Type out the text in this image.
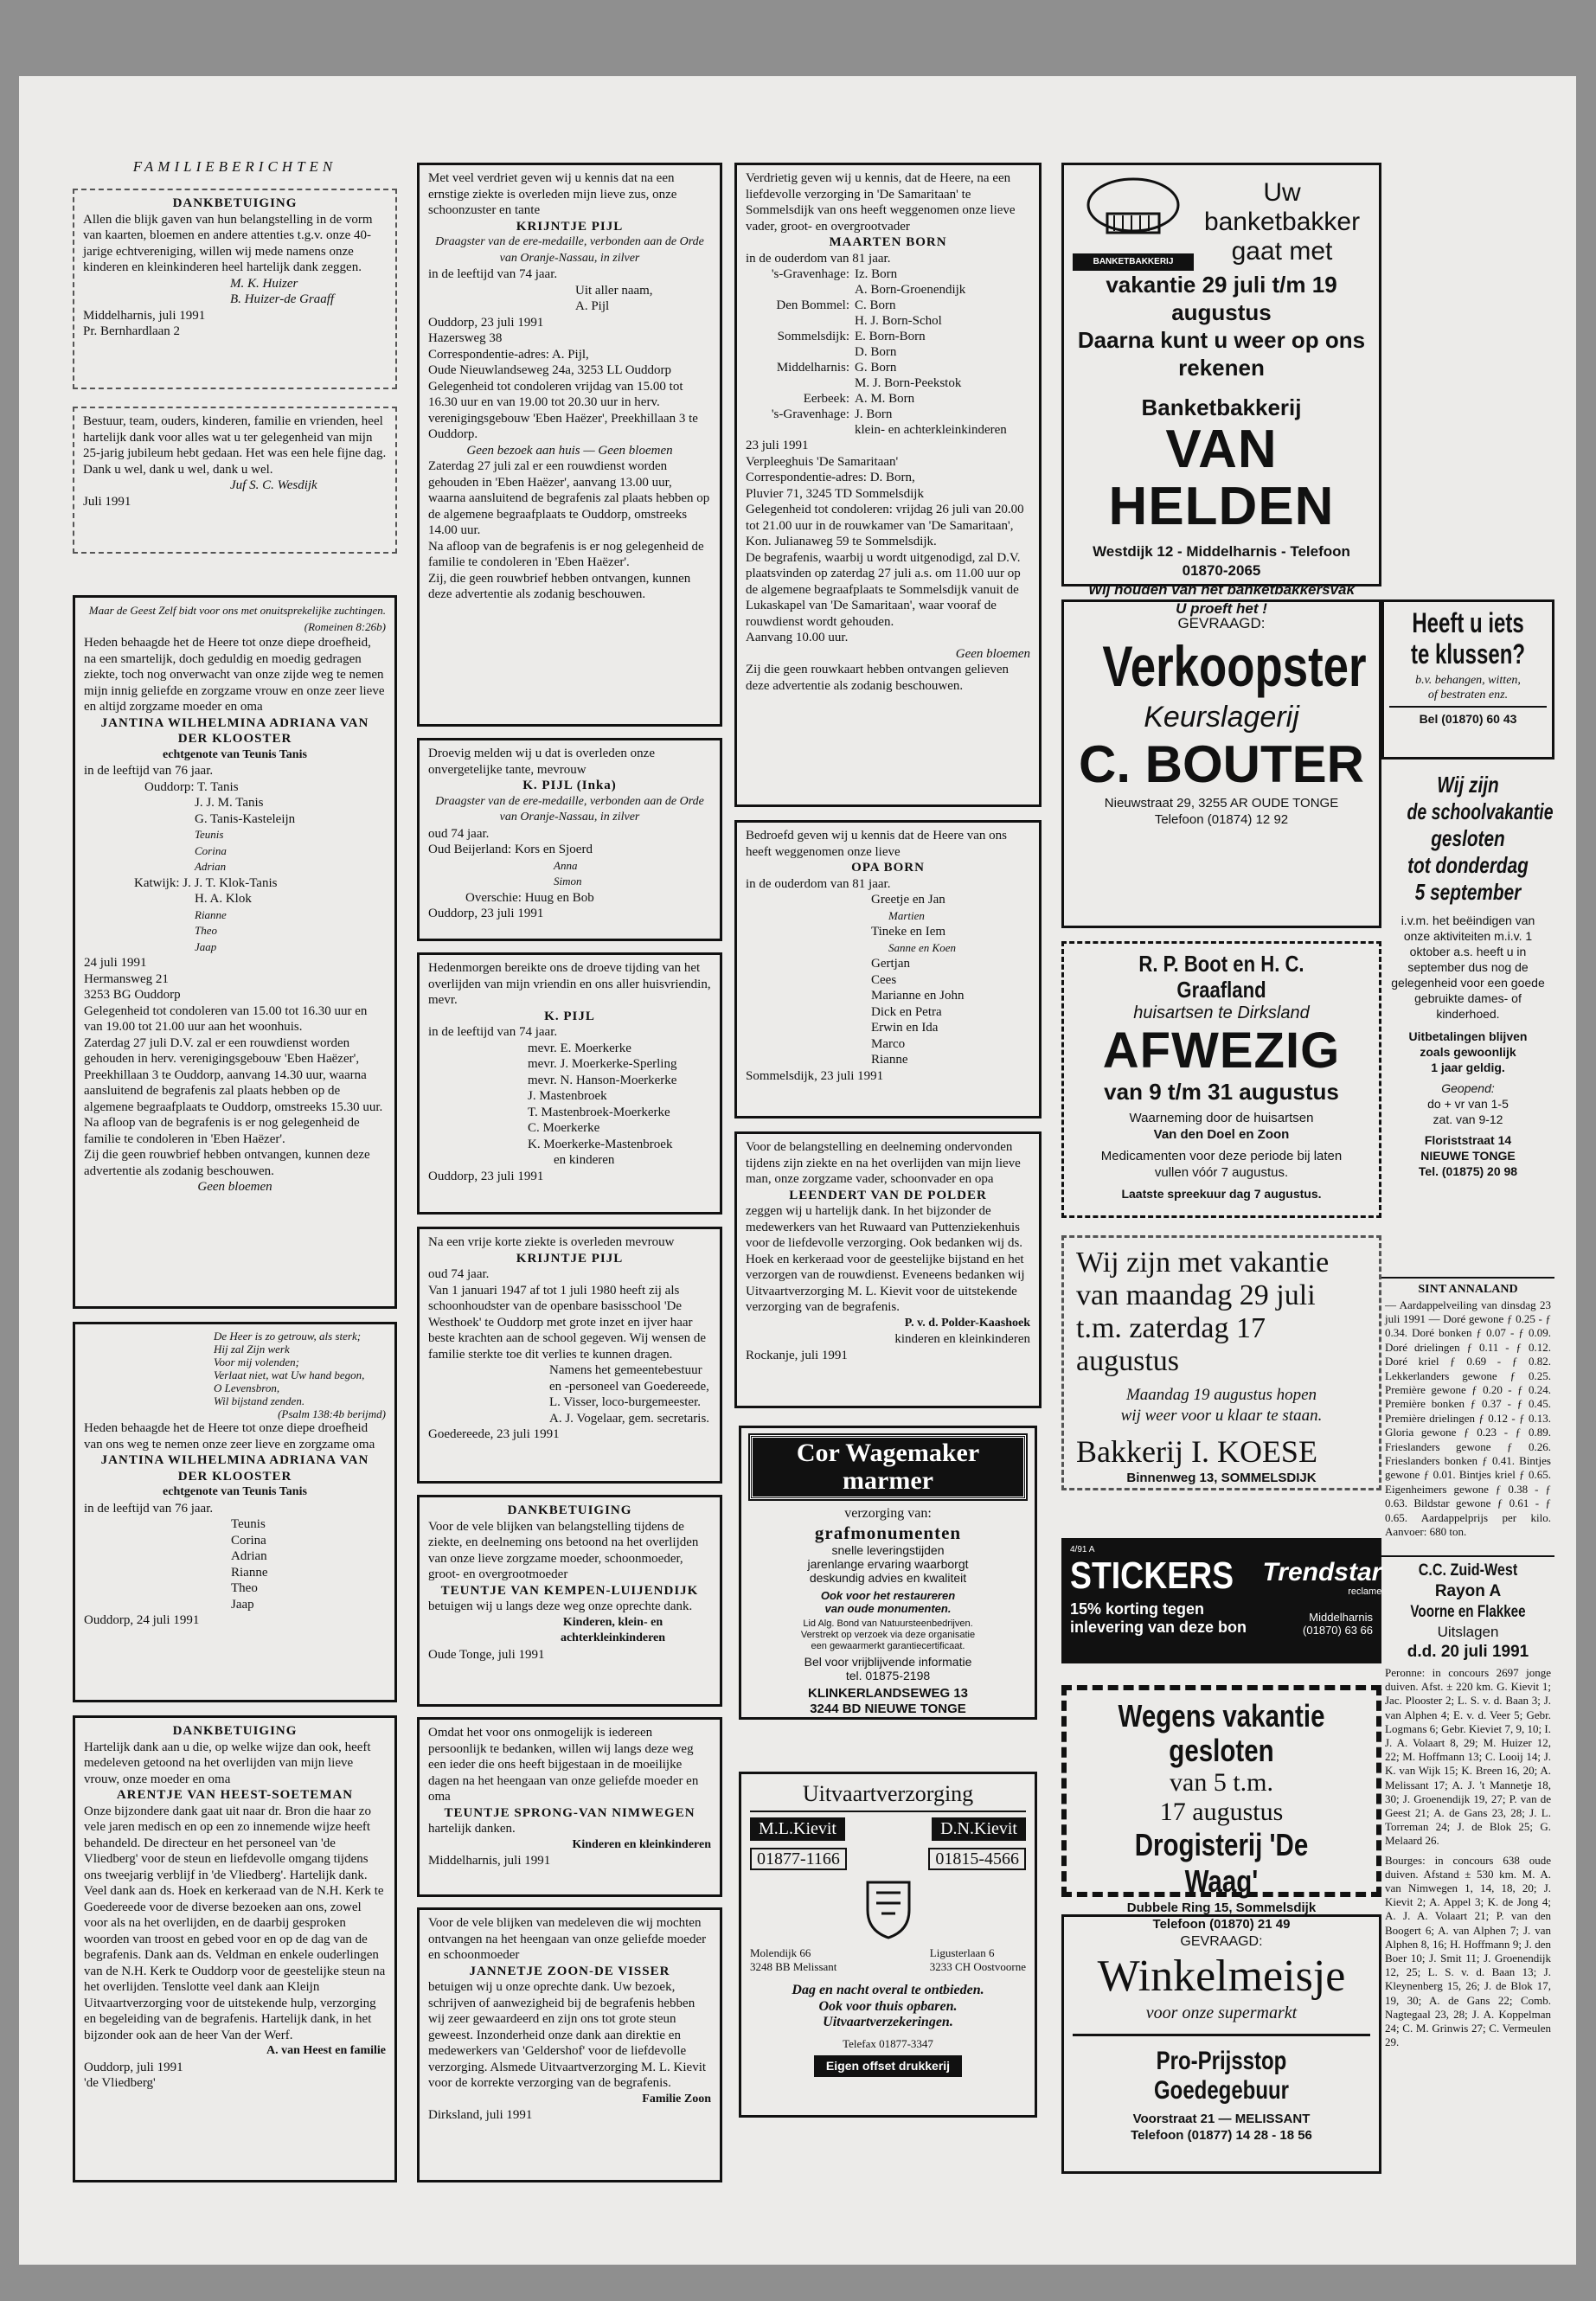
FAMILIEBERICHTEN

DANKBETUIGING

Allen die blijk gaven van hun belangstelling in de vorm van kaarten, bloemen en andere attenties t.g.v. onze 40-jarige echtvereniging, willen wij mede namens onze kinderen en kleinkinderen heel hartelijk dank zeggen.

M. K. Huizer

B. Huizer-de Graaff

Middelharnis, juli 1991

Pr. Bernhardlaan 2

Bestuur, team, ouders, kinderen, familie en vrienden, heel hartelijk dank voor alles wat u ter gelegenheid van mijn 25-jarig jubileum hebt gedaan. Het was een hele fijne dag.

Dank u wel, dank u wel, dank u wel.

Juf S. C. Wesdijk

Juli 1991

Maar de Geest Zelf bidt voor ons met onuitsprekelijke zuchtingen.

(Romeinen 8:26b)

Heden behaagde het de Heere tot onze diepe droefheid, na een smartelijk, doch geduldig en moedig gedragen ziekte, toch nog onverwacht van onze zijde weg te nemen mijn innig geliefde en zorgzame vrouw en onze zeer lieve en altijd zorgzame moeder en oma

JANTINA WILHELMINA ADRIANA VAN DER KLOOSTER

echtgenote van Teunis Tanis

in de leeftijd van 76 jaar.

Ouddorp: T. Tanis

J. J. M. Tanis

G. Tanis-Kasteleijn

Teunis

Corina

Adrian

Katwijk: J. J. T. Klok-Tanis

H. A. Klok

Rianne

Theo

Jaap

24 juli 1991

Hermansweg 21

3253 BG Ouddorp

Gelegenheid tot condoleren van 15.00 tot 16.30 uur en van 19.00 tot 21.00 uur aan het woonhuis.

Zaterdag 27 juli D.V. zal er een rouwdienst worden gehouden in herv. verenigingsgebouw 'Eben Haëzer', Preekhillaan 3 te Ouddorp, aanvang 14.30 uur, waarna aansluitend de begrafenis zal plaats hebben op de algemene begraafplaats te Ouddorp, omstreeks 15.30 uur.

Na afloop van de begrafenis is er nog gelegenheid de familie te condoleren in 'Eben Haëzer'.

Zij die geen rouwbrief hebben ontvangen, kunnen deze advertentie als zodanig beschouwen.

Geen bloemen

De Heer is zo getrouw, als sterk;

Hij zal Zijn werk

Voor mij volenden;

Verlaat niet, wat Uw hand begon,

O Levensbron,

Wil bijstand zenden.

(Psalm 138:4b berijmd)

Heden behaagde het de Heere tot onze diepe droefheid van ons weg te nemen onze zeer lieve en zorgzame oma

JANTINA WILHELMINA ADRIANA VAN DER KLOOSTER

echtgenote van Teunis Tanis

in de leeftijd van 76 jaar.

Teunis

Corina

Adrian

Rianne

Theo

Jaap

Ouddorp, 24 juli 1991

DANKBETUIGING

Hartelijk dank aan u die, op welke wijze dan ook, heeft medeleven getoond na het overlijden van mijn lieve vrouw, onze moeder en oma

ARENTJE VAN HEEST-SOETEMAN

Onze bijzondere dank gaat uit naar dr. Bron die haar zo vele jaren medisch en op een zo innemende wijze heeft behandeld. De directeur en het personeel van 'de Vliedberg' voor de steun en liefdevolle omgang tijdens ons tweejarig verblijf in 'de Vliedberg'. Hartelijk dank. Veel dank aan ds. Hoek en kerkeraad van de N.H. Kerk te Goedereede voor de diverse bezoeken aan ons, zowel voor als na het overlijden, en de daarbij gesproken woorden van troost en gebed voor en op de dag van de begrafenis. Dank aan ds. Veldman en enkele ouderlingen van de N.H. Kerk te Ouddorp voor de geestelijke steun na het overlijden. Tenslotte veel dank aan Kleijn Uitvaartverzorging voor de uitstekende hulp, verzorging en begeleiding van de begrafenis. Hartelijk dank, in het bijzonder ook aan de heer Van der Werf.

A. van Heest en familie

Ouddorp, juli 1991

'de Vliedberg'

Met veel verdriet geven wij u kennis dat na een ernstige ziekte is overleden mijn lieve zus, onze schoonzuster en tante

KRIJNTJE PIJL

Draagster van de ere-medaille, verbonden aan de Orde van Oranje-Nassau, in zilver

in de leeftijd van 74 jaar.

Uit aller naam,

A. Pijl

Ouddorp, 23 juli 1991

Hazersweg 38

Correspondentie-adres: A. Pijl,

Oude Nieuwlandseweg 24a, 3253 LL Ouddorp

Gelegenheid tot condoleren vrijdag van 15.00 tot 16.30 uur en van 19.00 tot 20.30 uur in herv. verenigingsgebouw 'Eben Haëzer', Preekhillaan 3 te Ouddorp.

Geen bezoek aan huis — Geen bloemen

Zaterdag 27 juli zal er een rouwdienst worden gehouden in 'Eben Haëzer', aanvang 13.00 uur, waarna aansluitend de begrafenis zal plaats hebben op de algemene begraafplaats te Ouddorp, omstreeks 14.00 uur.

Na afloop van de begrafenis is er nog gelegenheid de familie te condoleren in 'Eben Haëzer'.

Zij, die geen rouwbrief hebben ontvangen, kunnen deze advertentie als zodanig beschouwen.

Droevig melden wij u dat is overleden onze onvergetelijke tante, mevrouw

K. PIJL (Inka)

Draagster van de ere-medaille, verbonden aan de Orde van Oranje-Nassau, in zilver

oud 74 jaar.

Oud Beijerland: Kors en Sjoerd

Anna

Simon

Overschie: Huug en Bob

Ouddorp, 23 juli 1991

Hedenmorgen bereikte ons de droeve tijding van het overlijden van mijn vriendin en ons aller huisvriendin, mevr.

K. PIJL

in de leeftijd van 74 jaar.

mevr. E. Moerkerke

mevr. J. Moerkerke-Sperling

mevr. N. Hanson-Moerkerke

J. Mastenbroek

T. Mastenbroek-Moerkerke

C. Moerkerke

K. Moerkerke-Mastenbroek

en kinderen

Ouddorp, 23 juli 1991

Na een vrije korte ziekte is overleden mevrouw

KRIJNTJE PIJL

oud 74 jaar.

Van 1 januari 1947 af tot 1 juli 1980 heeft zij als schoonhoudster van de openbare basisschool 'De Westhoek' te Ouddorp met grote inzet en ijver haar beste krachten aan de school gegeven. Wij wensen de familie sterkte toe dit verlies te kunnen dragen.

Namens het gemeentebestuur

en -personeel van Goedereede,

L. Visser, loco-burgemeester.

A. J. Vogelaar, gem. secretaris.

Goedereede, 23 juli 1991

DANKBETUIGING

Voor de vele blijken van belangstelling tijdens de ziekte, en deelneming ons betoond na het overlijden van onze lieve zorgzame moeder, schoonmoeder, groot- en overgrootmoeder

TEUNTJE VAN KEMPEN-LUIJENDIJK

betuigen wij u langs deze weg onze oprechte dank.

Kinderen, klein- en

achterkleinkinderen

Oude Tonge, juli 1991

Omdat het voor ons onmogelijk is iedereen persoonlijk te bedanken, willen wij langs deze weg een ieder die ons heeft bijgestaan in de moeilijke dagen na het heengaan van onze geliefde moeder en oma

TEUNTJE SPRONG-VAN NIMWEGEN

hartelijk danken.

Kinderen en kleinkinderen

Middelharnis, juli 1991

Voor de vele blijken van medeleven die wij mochten ontvangen na het heengaan van onze geliefde moeder en schoonmoeder

JANNETJE ZOON-DE VISSER

betuigen wij u onze oprechte dank. Uw bezoek, schrijven of aanwezigheid bij de begrafenis hebben wij zeer gewaardeerd en zijn ons tot grote steun geweest. Inzonderheid onze dank aan direktie en medewerkers van 'Geldershof' voor de liefdevolle verzorging. Alsmede Uitvaartverzorging M. L. Kievit voor de korrekte verzorging van de begrafenis.

Familie Zoon

Dirksland, juli 1991

Verdrietig geven wij u kennis, dat de Heere, na een liefdevolle verzorging in 'De Samaritaan' te Sommelsdijk van ons heeft weggenomen onze lieve vader, groot- en overgrootvader

MAARTEN BORN

in de ouderdom van 81 jaar.

's-Gravenhage:	Iz. Born
	A. Born-Groenendijk
Den Bommel:	C. Born
	H. J. Born-Schol
Sommelsdijk:	E. Born-Born
	D. Born
Middelharnis:	G. Born
	M. J. Born-Peekstok
Eerbeek:	A. M. Born
's-Gravenhage:	J. Born
	klein- en achterkleinkinderen

23 juli 1991

Verpleeghuis 'De Samaritaan'

Correspondentie-adres: D. Born,

Pluvier 71, 3245 TD Sommelsdijk

Gelegenheid tot condoleren: vrijdag 26 juli van 20.00 tot 21.00 uur in de rouwkamer van 'De Samaritaan', Kon. Julianaweg 59 te Sommelsdijk.

De begrafenis, waarbij u wordt uitgenodigd, zal D.V. plaatsvinden op zaterdag 27 juli a.s. om 11.00 uur op de algemene begraafplaats te Sommelsdijk vanuit de Lukaskapel van 'De Samaritaan', waar vooraf de rouwdienst wordt gehouden.

Aanvang 10.00 uur.

Geen bloemen

Zij die geen rouwkaart hebben ontvangen gelieven deze advertentie als zodanig beschouwen.

Bedroefd geven wij u kennis dat de Heere van ons heeft weggenomen onze lieve

OPA BORN

in de ouderdom van 81 jaar.

Greetje en Jan

Martien

Tineke en Iem

Sanne en Koen

Gertjan

Cees

Marianne en John

Dick en Petra

Erwin en Ida

Marco

Rianne

Sommelsdijk, 23 juli 1991

Voor de belangstelling en deelneming ondervonden tijdens zijn ziekte en na het overlijden van mijn lieve man, onze zorgzame vader, schoonvader en opa

LEENDERT VAN DE POLDER

zeggen wij u hartelijk dank. In het bijzonder de medewerkers van het Ruwaard van Puttenziekenhuis voor de liefdevolle verzorging. Ook bedanken wij ds. Hoek en kerkeraad voor de geestelijke bijstand en het verzorgen van de rouwdienst. Eveneens bedanken wij Uitvaartverzorging M. L. Kievit voor de uitstekende verzorging van de begrafenis.

P. v. d. Polder-Kaashoek

kinderen en kleinkinderen

Rockanje, juli 1991

Cor Wagemaker

marmer

verzorging van:

grafmonumenten

snelle leveringstijden

jarenlange ervaring waarborgt

deskundig advies en kwaliteit

Ook voor het restaureren

van oude monumenten.

Lid Alg. Bond van Natuursteenbedrijven.

Verstrekt op verzoek via deze organisatie

een gewaarmerkt garantiecertificaat.

Bel voor vrijblijvende informatie

tel. 01875-2198

KLINKERLANDSEWEG 13

3244 BD NIEUWE TONGE

Uitvaartverzorging

M.L.Kievit	D.N.Kievit
01877-1166	01815-4566

Molendijk 66

3248 BB Melissant

Ligusterlaan 6

3233 CH Oostvoorne

Dag en nacht overal te ontbieden.

Ook voor thuis opbaren.

Uitvaartverzekeringen.

Telefax 01877-3347

Eigen offset drukkerij

BANKETBAKKERIJ

Uw

banketbakker

gaat met

vakantie 29 juli t/m 19 augustus

Daarna kunt u weer op ons

rekenen

Banketbakkerij

VAN HELDEN

Westdijk 12 - Middelharnis - Telefoon 01870-2065

Wij houden van het banketbakkersvak

U proeft het !

GEVRAAGD:

Verkoopster

Keurslagerij

C. BOUTER

Nieuwstraat 29, 3255 AR OUDE TONGE

Telefoon (01874) 12 92

R. P. Boot en H. C. Graafland

huisartsen te Dirksland

AFWEZIG

van 9 t/m 31 augustus

Waarneming door de huisartsen

Van den Doel en Zoon

Medicamenten voor deze periode bij laten vullen vóór 7 augustus.

Laatste spreekuur dag 7 augustus.

Wij zijn met vakantie

van maandag 29 juli

t.m. zaterdag 17 augustus

Maandag 19 augustus hopen

wij weer voor u klaar te staan.

Bakkerij I. KOESE

Binnenweg 13, SOMMELSDIJK

4/91 A

STICKERS Trendstar

reclame

15% korting tegen

inlevering van deze bon

Middelharnis

(01870) 63 66

Wegens vakantie gesloten

van 5 t.m.

17 augustus

Drogisterij 'De Waag'

Dubbele Ring 15, Sommelsdijk

Telefoon (01870) 21 49

GEVRAAGD:

Winkelmeisje

voor onze supermarkt

Pro-Prijsstop Goedegebuur

Voorstraat 21 — MELISSANT

Telefoon (01877) 14 28 - 18 56

Heeft u iets

te klussen?

b.v. behangen, witten,

of bestraten enz.

Bel (01870) 60 43

Wij zijn

de schoolvakantie

gesloten

tot donderdag

5 september

i.v.m. het beëindigen van onze aktiviteiten m.i.v. 1 oktober a.s. heeft u in september dus nog de gelegenheid voor een goede gebruikte dames- of kinderhoed.

Uitbetalingen blijven

zoals gewoonlijk

1 jaar geldig.

Geopend:

do + vr van 1-5

zat. van 9-12

Floriststraat 14

NIEUWE TONGE

Tel. (01875) 20 98

SINT ANNALAND

— Aardappelveiling van dinsdag 23 juli 1991 — Doré gewone ƒ 0.25 - ƒ 0.34. Doré bonken ƒ 0.07 - ƒ 0.09. Doré drielingen ƒ 0.11 - ƒ 0.12. Doré kriel ƒ 0.69 - ƒ 0.82. Lekkerlanders gewone ƒ 0.25. Première gewone ƒ 0.20 - ƒ 0.24. Première bonken ƒ 0.37 - ƒ 0.45. Première drielingen ƒ 0.12 - ƒ 0.13. Gloria gewone ƒ 0.23 - ƒ 0.89. Frieslanders gewone ƒ 0.26. Frieslanders bonken ƒ 0.41. Bintjes gewone ƒ 0.01. Bintjes kriel ƒ 0.65. Eigenheimers gewone ƒ 0.38 - ƒ 0.63. Bildstar gewone ƒ 0.61 - ƒ 0.65. Aardappelprijs per kilo. Aanvoer: 680 ton.

C.C. Zuid-West

Rayon A

Voorne en Flakkee

Uitslagen

d.d. 20 juli 1991

Peronne: in concours 2697 jonge duiven. Afst. ± 220 km. G. Kievit 1; Jac. Plooster 2; L. S. v. d. Baan 3; J. van Alphen 4; E. v. d. Veer 5; Gebr. Logmans 6; Gebr. Kieviet 7, 9, 10; I. J. A. Volaart 8, 29; M. Huizer 12, 22; M. Hoffmann 13; C. Looij 14; J. K. van Wijk 15; K. Breen 16, 20; A. Melissant 17; A. J. 't Mannetje 18, 30; J. Groenendijk 19, 27; P. van de Geest 21; A. de Gans 23, 28; J. L. Torreman 24; J. de Blok 25; G. Melaard 26.

Bourges: in concours 638 oude duiven. Afstand ± 530 km. M. A. van Nimwegen 1, 14, 18, 20; J. Kievit 2; A. Appel 3; K. de Jong 4; A. J. A. Volaart 21; P. van den Boogert 6; A. van Alphen 7; J. van Alphen 8, 16; H. Hoffmann 9; J. den Boer 10; J. Smit 11; J. Groenendijk 12, 25; L. S. v. d. Baan 13; J. Kleynenberg 15, 26; J. de Blok 17, 19, 30; A. de Gans 22; Comb. Nagtegaal 23, 28; J. A. Koppelman 24; C. M. Grinwis 27; C. Vermeulen 29.
